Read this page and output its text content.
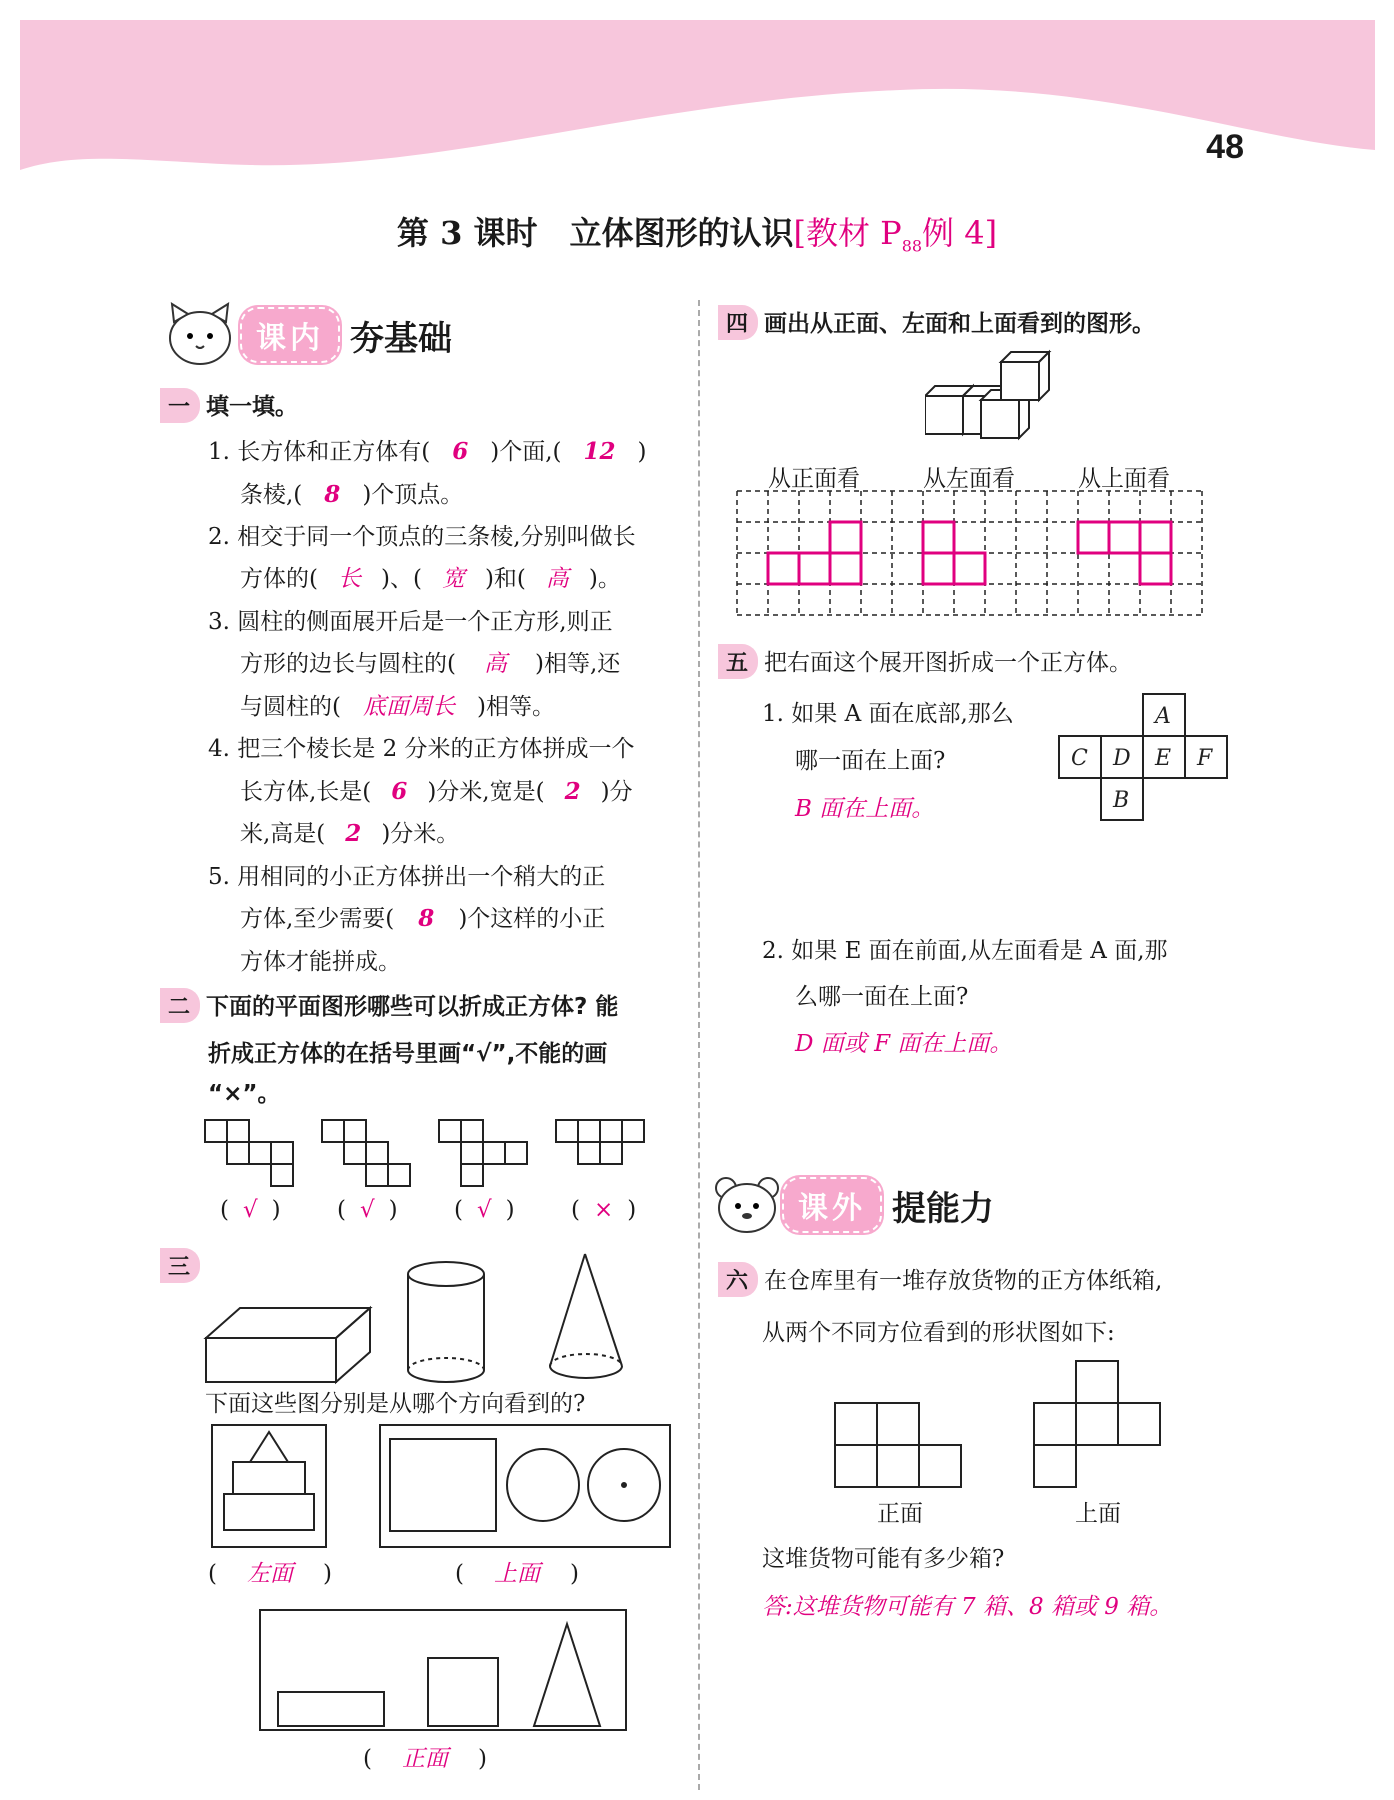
48
第 3 课时　立体图形的认识[教材 $P_{88}$例 4]
课内 夯基础
一 填一填。
1. 长方体和正方体有( 6 )个面,( 12 )
条棱,( 8 )个顶点。
2. 相交于同一个顶点的三条棱,分别叫做长
方体的( 长 )、( 宽 )和( 高 )。
3. 圆柱的侧面展开后是一个正方形,则正
方形的边长与圆柱的( 高 )相等,还
与圆柱的( 底面周长 )相等。
4. 把三个棱长是 2 分米的正方体拼成一个
长方体,长是( 6 )分米,宽是( 2 )分
米,高是( 2 )分米。
5. 用相同的小正方体拼出一个稍大的正
方体,至少需要( 8 )个这样的小正
方体才能拼成。
二 下面的平面图形哪些可以折成正方体? 能
折成正方体的在括号里画“√”,不能的画
“×”。
( √ ) ( √ ) ( √ ) ( × )
三
下面这些图分别是从哪个方向看到的?
( 左面 )	( 上面 )
( 正面 )
四 画出从正面、左面和上面看到的图形。
从正面看	从左面看	从上面看
五 把右面这个展开图折成一个正方体。
1. 如果 A 面在底部,那么
哪一面在上面?
B 面在上面。
A
C D E F
B
2. 如果 E 面在前面,从左面看是 A 面,那
么哪一面在上面?
D 面或 F 面在上面。
课外 提能力
六 在仓库里有一堆存放货物的正方体纸箱,
从两个不同方位看到的形状图如下:
正面	上面
这堆货物可能有多少箱?
答:这堆货物可能有 7 箱、8 箱或 9 箱。
